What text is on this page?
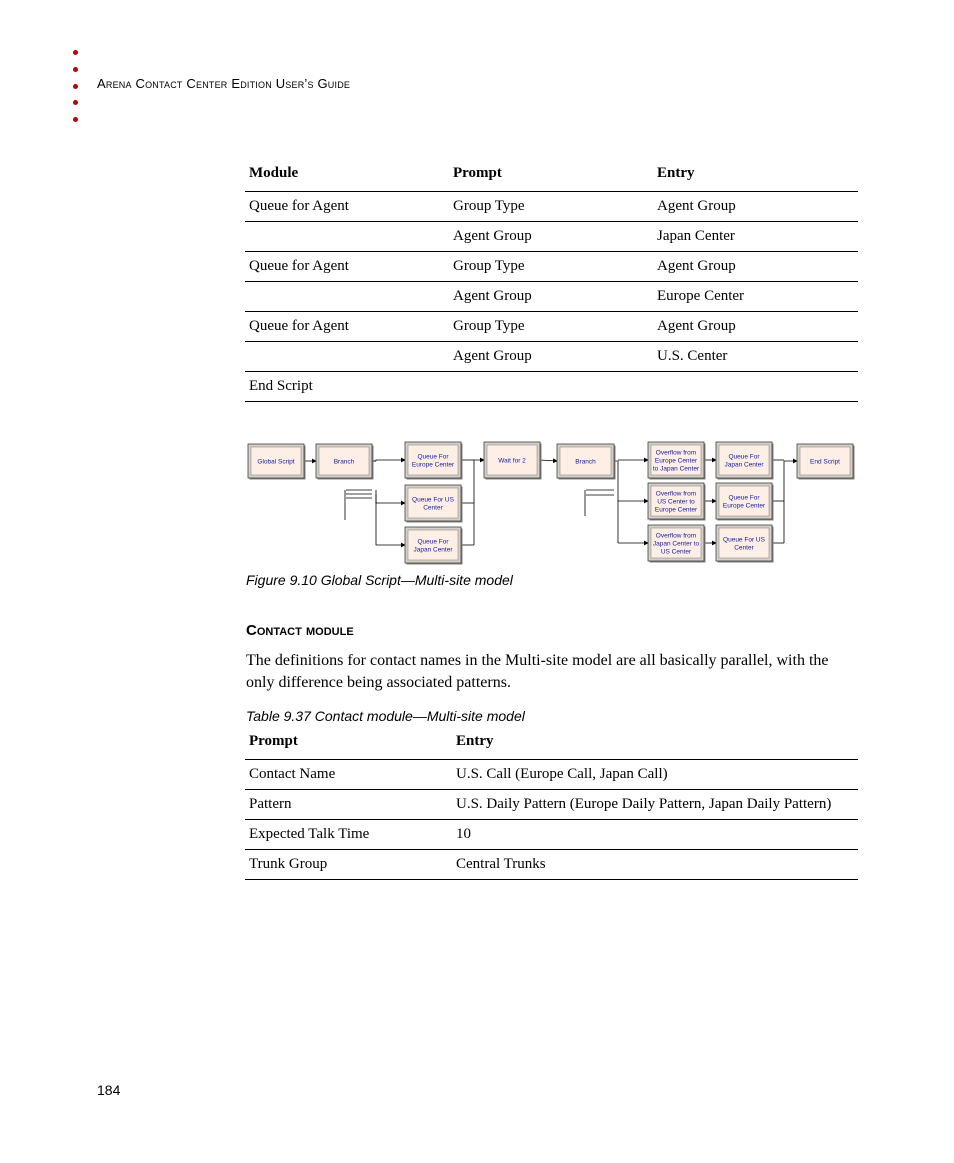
Arena Contact Center Edition User’s Guide
Module	Prompt	Entry
Queue for Agent	Group Type	Agent Group
	Agent Group	Japan Center
Queue for Agent	Group Type	Agent Group
	Agent Group	Europe Center
Queue for Agent	Group Type	Agent Group
	Agent Group	U.S. Center
End Script		
Global Script	Branch
Queue For
Europe Center
Queue For US
Center
Queue For
Japan Center
Wait for 2	Branch
Overflow from
Europe Center
to Japan Center
Overflow from
US Center to
Europe Center
Overflow from
Japan Center to
US Center
Queue For
Japan Center
Queue For
Europe Center
Queue For US
Center
End Script
Figure 9.10 Global Script—Multi-site model
Contact module

The definitions for contact names in the Multi-site model are all basically parallel, with the only difference being associated patterns.

Table 9.37 Contact module—Multi-site model
Prompt	Entry
Contact Name	U.S. Call (Europe Call, Japan Call)
Pattern	U.S. Daily Pattern (Europe Daily Pattern, Japan Daily Pattern)
Expected Talk Time	10
Trunk Group	Central Trunks
184
